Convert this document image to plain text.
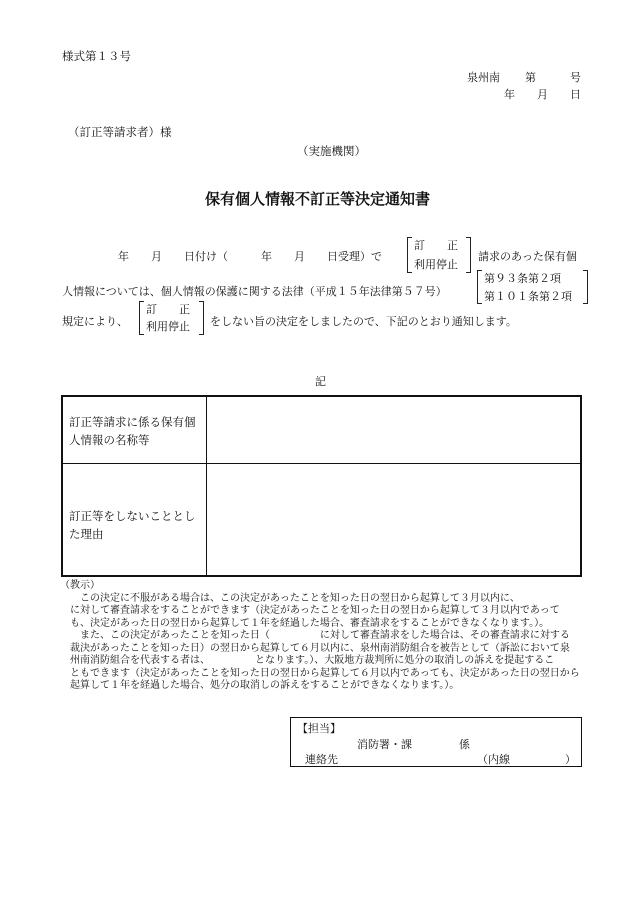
様式第１３号
泉州南 第	号
年 月 日
（訂正等請求者）様
（実施機関）
保有個人情報不訂正等決定通知書
年　　月　　日付け（　　　年　　月　　日受理）で
訂　　正
利用停止
請求のあった保有個
人情報については、個人情報の保護に関する法律（平成１５年法律第５７号）
第９３条第２項
第１０１条第２項
規定により、
訂　　正
利用停止 をしない旨の決定をしましたので、下記のとおり通知します。
記
訂正等請求に係る保有個人情報の名称等
訂正等をしないこととした理由

（教示）

この決定に不服がある場合は、この決定があったことを知った日の翌日から起算して３月以内に、

に対して審査請求をすることができます（決定があったことを知った日の翌日から起算して３月以内であって

も、決定があった日の翌日から起算して１年を経過した場合、審査請求をすることができなくなります。）。

また、この決定があったことを知った日（　　　　　に対して審査請求をした場合は、その審査請求に対する

裁決があったことを知った日）の翌日から起算して６月以内に、泉州南消防組合を被告として（訴訟において泉

州南消防組合を代表する者は、　　　　　となります。）、大阪地方裁判所に処分の取消しの訴えを提起するこ

ともできます（決定があったことを知った日の翌日から起算して６月以内であっても、決定があった日の翌日から

起算して１年を経過した場合、処分の取消しの訴えをすることができなくなります。）。

【担当】
消防署・課	係
連絡先	（内線　　　　　）
